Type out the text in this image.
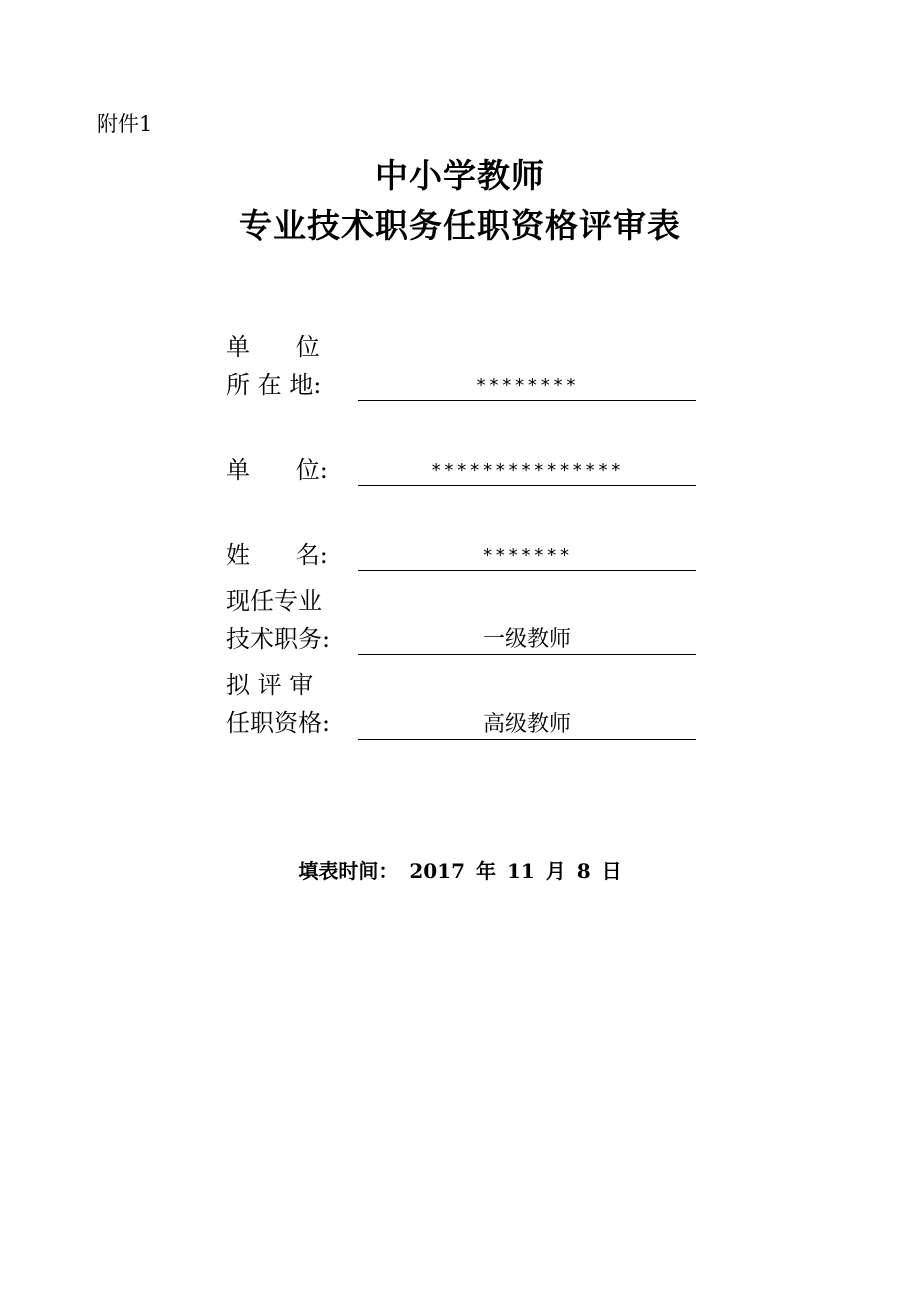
附件1
中小学教师
专业技术职务任职资格评审表
单      位
所 在 地:	********
单      位:	***************
姓      名:	*******
现任专业
技术职务:	一级教师
拟 评 审
任职资格:	高级教师
填表时间： 2017 年 11 月 8 日
